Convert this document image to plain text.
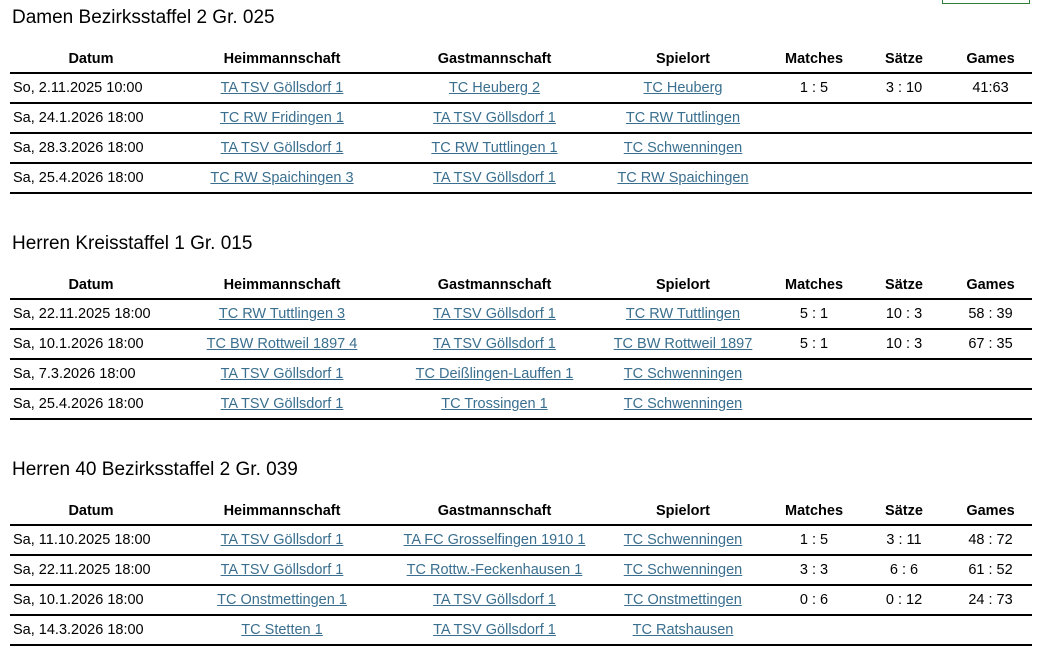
Damen Bezirksstaffel 2 Gr. 025
Datum	Heimmannschaft	Gastmannschaft	Spielort	Matches	Sätze	Games
So, 2.11.2025 10:00	TA TSV Göllsdorf 1	TC Heuberg 2	TC Heuberg	1 : 5	3 : 10	41:63
Sa, 24.1.2026 18:00	TC RW Fridingen 1	TA TSV Göllsdorf 1	TC RW Tuttlingen			
Sa, 28.3.2026 18:00	TA TSV Göllsdorf 1	TC RW Tuttlingen 1	TC Schwenningen			
Sa, 25.4.2026 18:00	TC RW Spaichingen 3	TA TSV Göllsdorf 1	TC RW Spaichingen			
Herren Kreisstaffel 1 Gr. 015
Datum	Heimmannschaft	Gastmannschaft	Spielort	Matches	Sätze	Games
Sa, 22.11.2025 18:00	TC RW Tuttlingen 3	TA TSV Göllsdorf 1	TC RW Tuttlingen	5 : 1	10 : 3	58 : 39
Sa, 10.1.2026 18:00	TC BW Rottweil 1897 4	TA TSV Göllsdorf 1	TC BW Rottweil 1897	5 : 1	10 : 3	67 : 35
Sa, 7.3.2026 18:00	TA TSV Göllsdorf 1	TC Deißlingen-Lauffen 1	TC Schwenningen			
Sa, 25.4.2026 18:00	TA TSV Göllsdorf 1	TC Trossingen 1	TC Schwenningen			
Herren 40 Bezirksstaffel 2 Gr. 039
Datum	Heimmannschaft	Gastmannschaft	Spielort	Matches	Sätze	Games
Sa, 11.10.2025 18:00	TA TSV Göllsdorf 1	TA FC Grosselfingen 1910 1	TC Schwenningen	1 : 5	3 : 11	48 : 72
Sa, 22.11.2025 18:00	TA TSV Göllsdorf 1	TC Rottw.-Feckenhausen 1	TC Schwenningen	3 : 3	6 : 6	61 : 52
Sa, 10.1.2026 18:00	TC Onstmettingen 1	TA TSV Göllsdorf 1	TC Onstmettingen	0 : 6	0 : 12	24 : 73
Sa, 14.3.2026 18:00	TC Stetten 1	TA TSV Göllsdorf 1	TC Ratshausen			
